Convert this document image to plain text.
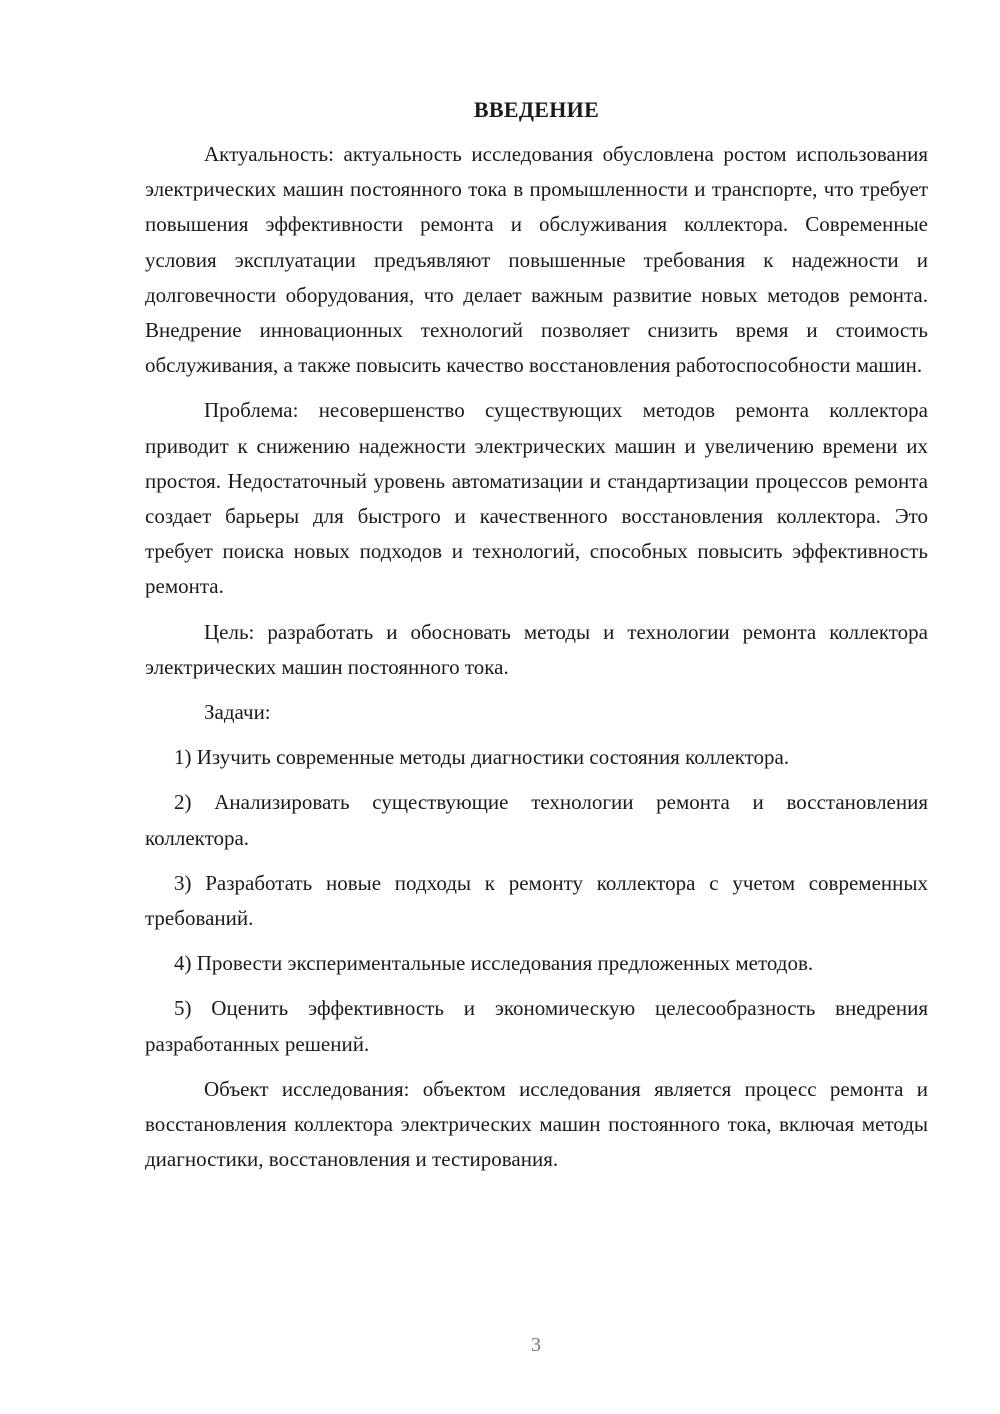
ВВЕДЕНИЕ

Актуальность: актуальность исследования обусловлена ростом использования электрических машин постоянного тока в промышленности и транспорте, что требует повышения эффективности ремонта и обслуживания коллектора. Современные условия эксплуатации предъявляют повышенные требования к надежности и долговечности оборудования, что делает важным развитие новых методов ремонта. Внедрение инновационных технологий позволяет снизить время и стоимость обслуживания, а также повысить качество восстановления работоспособности машин.

Проблема: несовершенство существующих методов ремонта коллектора приводит к снижению надежности электрических машин и увеличению времени их простоя. Недостаточный уровень автоматизации и стандартизации процессов ремонта создает барьеры для быстрого и качественного восстановления коллектора. Это требует поиска новых подходов и технологий, способных повысить эффективность ремонта.

Цель: разработать и обосновать методы и технологии ремонта коллектора электрических машин постоянного тока.

Задачи:

1) Изучить современные методы диагностики состояния коллектора.

2) Анализировать существующие технологии ремонта и восстановления коллектора.

3) Разработать новые подходы к ремонту коллектора с учетом современных требований.

4) Провести экспериментальные исследования предложенных методов.

5) Оценить эффективность и экономическую целесообразность внедрения разработанных решений.

Объект исследования: объектом исследования является процесс ремонта и восстановления коллектора электрических машин постоянного тока, включая методы диагностики, восстановления и тестирования.

3
